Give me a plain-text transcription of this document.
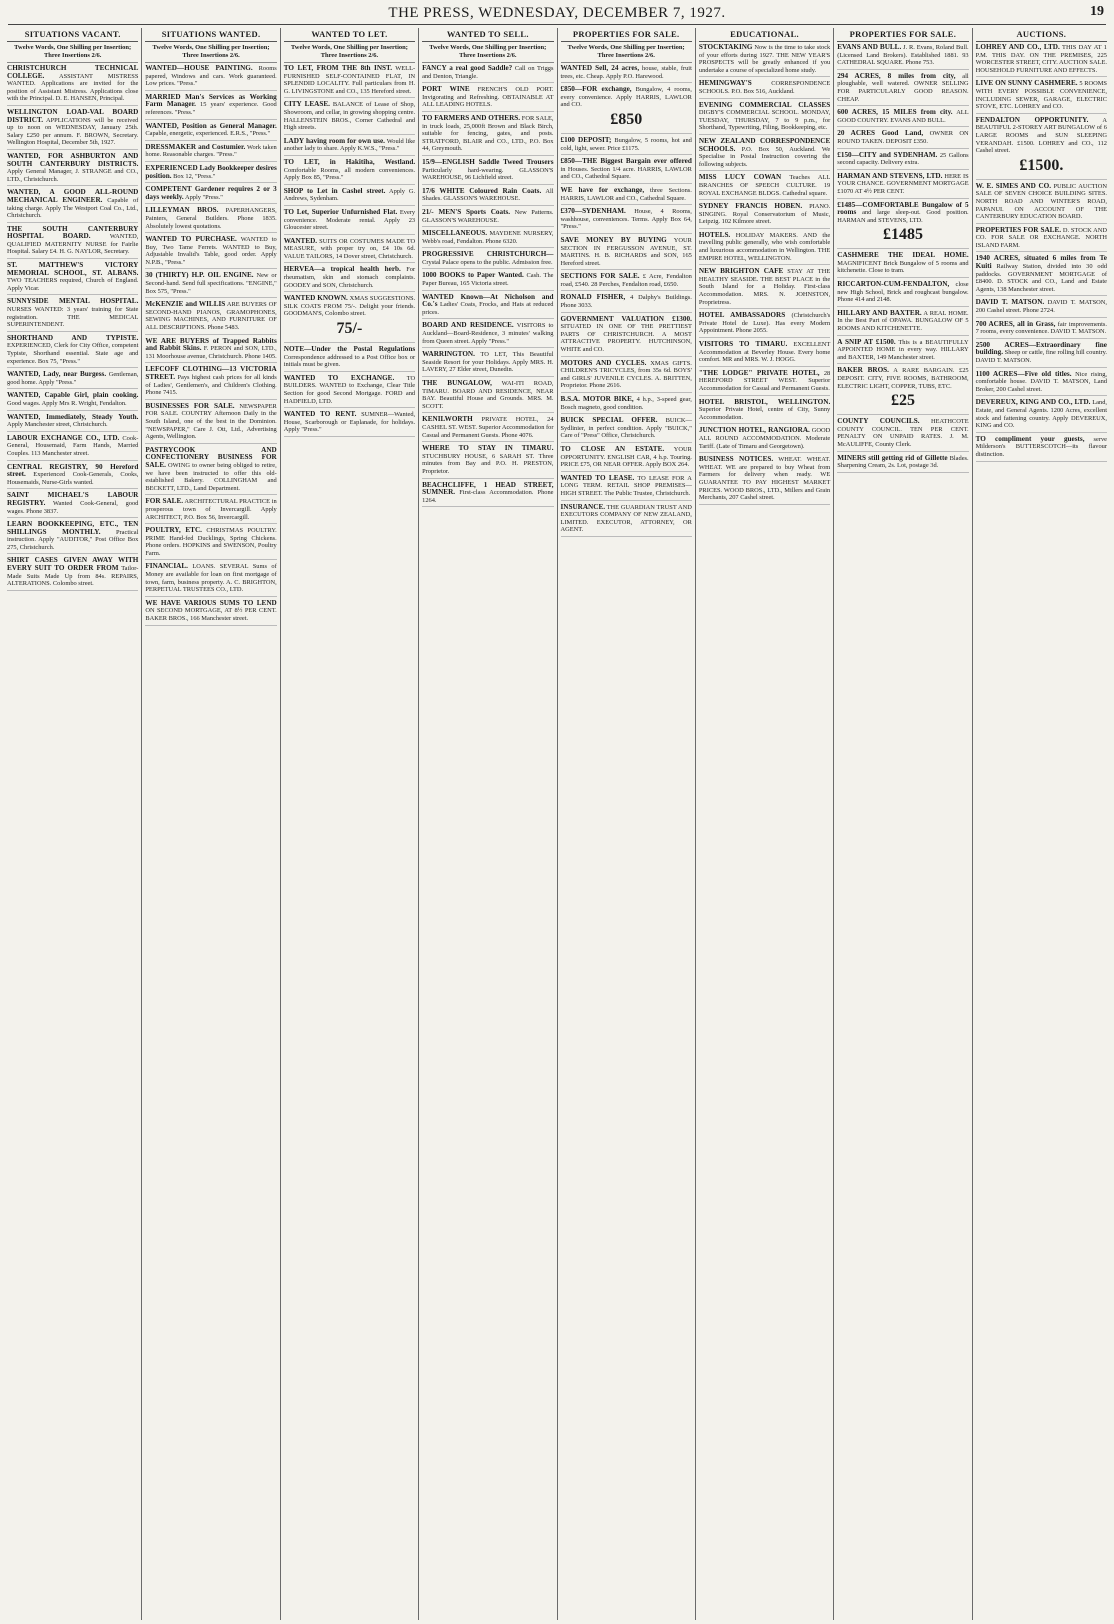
THE PRESS, WEDNESDAY, DECEMBER 7, 1927.	19
SITUATIONS VACANT.
Twelve Words, One Shilling per Insertion; Three Insertions 2/6.
CHRISTCHURCH TECHNICAL COLLEGE. ASSISTANT MISTRESS WANTED. Applications are invited for the position of Assistant Mistress. Applications close with the Principal. D. E. HANSEN, Principal.
WELLINGTON LOAD-VAL BOARD DISTRICT. APPLICATIONS will be received up to noon on WEDNESDAY, January 25th. Salary £250 per annum. F. BROWN, Secretary. Wellington Hospital, December 5th, 1927.
WANTED, FOR ASHBURTON AND SOUTH CANTERBURY DISTRICTS. Apply General Manager, J. STRANGE and CO., LTD., Christchurch.
WANTED, A GOOD ALL-ROUND MECHANICAL ENGINEER. Capable of taking charge. Apply The Westport Coal Co., Ltd., Christchurch.
THE SOUTH CANTERBURY HOSPITAL BOARD.	WANTED, QUALIFIED MATERNITY NURSE for Fairlie Hospital. Salary £4. H. G. NAYLOR, Secretary.
ST. MATTHEW'S VICTORY MEMORIAL SCHOOL, ST. ALBANS. TWO TEACHERS required, Church of England. Apply Vicar.
SUNNYSIDE MENTAL HOSPITAL. NURSES WANTED: 3 years' training for State registration. THE MEDICAL SUPERINTENDENT.
SHORTHAND AND TYPISTE. EXPERIENCED, Clerk for City Office, competent Typiste, Shorthand essential. State age and experience. Box 75, "Press."
WANTED, Lady, near Burgess. Gentleman, good home. Apply "Press."
WANTED, Capable Girl, plain cooking. Good wages. Apply Mrs R. Wright, Fendalton.
WANTED, Immediately, Steady Youth. Apply Manchester street, Christchurch.
LABOUR EXCHANGE CO., LTD. Cook-General, Housemaid, Farm Hands, Married Couples. 113 Manchester street.
CENTRAL REGISTRY, 90 Hereford street. Experienced Cook-Generals, Cooks, Housemaids, Nurse-Girls wanted.
SAINT MICHAEL'S LABOUR REGISTRY. Wanted Cook-General, good wages. Phone 3837.
LEARN BOOKKEEPING, ETC., TEN SHILLINGS MONTHLY. Practical instruction. Apply "AUDITOR," Post Office Box 275, Christchurch.
SHIRT CASES GIVEN AWAY WITH EVERY SUIT TO ORDER FROM Tailor-Made Suits Made Up from 84s. REPAIRS, ALTERATIONS. Colombo street.
SITUATIONS WANTED.
Twelve Words, One Shilling per Insertion; Three Insertions 2/6.
WANTED—HOUSE PAINTING. Rooms papered, Windows and cars. Work guaranteed. Low prices. "Press."
MARRIED Man's Services as Working Farm Manager. 15 years' experience. Good references. "Press."
WANTED, Position as General Manager. Capable, energetic, experienced. E.R.S., "Press."
DRESSMAKER and Costumier. Work taken home. Reasonable charges. "Press."
EXPERIENCED Lady Bookkeeper desires position. Box 12, "Press."
COMPETENT Gardener requires 2 or 3 days weekly. Apply "Press."
LILLEYMAN BROS. PAPERHANGERS, Painters, General Builders. Phone 1835. Absolutely lowest quotations.
WANTED TO PURCHASE. WANTED to Buy, Two Tame Ferrets. WANTED to Buy, Adjustable Invalid's Table, good order. Apply N.P.B., "Press."
30 (THIRTY) H.P. OIL ENGINE. New or Second-hand. Send full specifications. "ENGINE," Box 575, "Press."
McKENZIE and WILLIS ARE BUYERS OF SECOND-HAND PIANOS, GRAMOPHONES, SEWING MACHINES, AND FURNITURE OF ALL DESCRIPTIONS. Phone 5483.
WE ARE BUYERS of Trapped Rabbits and Rabbit Skins. F. PERON and SON, LTD., 131 Moorhouse avenue, Christchurch. Phone 1405.
LEFCOFF CLOTHING—13 VICTORIA STREET. Pays highest cash prices for all kinds of Ladies', Gentlemen's, and Children's Clothing. Phone 7415.
BUSINESSES FOR SALE. NEWSPAPER FOR SALE. COUNTRY Afternoon Daily in the South Island, one of the best in the Dominion. "NEWSPAPER," Care J. Ott, Ltd., Advertising Agents, Wellington.
PASTRYCOOK AND CONFECTIONERY BUSINESS FOR SALE. OWING to owner being obliged to retire, we have been instructed to offer this old-established Bakery. COLLINGHAM and BECKETT, LTD., Land Department.
FOR SALE. ARCHITECTURAL PRACTICE in prosperous town of Invercargill. Apply ARCHITECT, P.O. Box 56, Invercargill.
POULTRY, ETC. CHRISTMAS POULTRY. PRIME Hand-fed Ducklings, Spring Chickens. Phone orders. HOPKINS and SWENSON, Poultry Farm.
FINANCIAL. LOANS. SEVERAL Sums of Money are available for loan on first mortgage of town, farm, business property. A. C. BRIGHTON, PERPETUAL TRUSTEES CO., LTD.
WE HAVE VARIOUS SUMS TO LEND ON SECOND MORTGAGE, AT 8½ PER CENT. BAKER BROS., 166 Manchester street.
WANTED TO LET.
Twelve Words, One Shilling per Insertion; Three Insertions 2/6.
TO LET, FROM THE 8th INST. WELL-FURNISHED SELF-CONTAINED FLAT, IN SPLENDID LOCALITY. Full particulars from H. G. LIVINGSTONE and CO., 135 Hereford street.
CITY LEASE. BALANCE of Lease of Shop, Showroom, and cellar, in growing shopping centre. HALLENSTEIN BROS., Corner Cathedral and High streets.
LADY having room for own use. Would like another lady to share. Apply K.W.S., "Press."
TO LET, in Hakitiha, Westland. Comfortable Rooms, all modern conveniences. Apply Box 85, "Press."
SHOP to Let in Cashel street. Apply G. Andrews, Sydenham.
TO Let, Superior Unfurnished Flat. Every convenience. Moderate rental. Apply 23 Gloucester street.
WANTED. SUITS OR COSTUMES MADE TO MEASURE, with proper try on, £4 10s 6d. VALUE TAILORS, 14 Dover street, Christchurch.
HERVEA—a tropical health herb. For rheumatism, skin and stomach complaints. GOODEY and SON, Christchurch.
WANTED KNOWN. XMAS SUGGESTIONS. SILK COATS FROM 75/-. Delight your friends. GOODMAN'S, Colombo street.
75/-
NOTE—Under the Postal Regulations Correspondence addressed to a Post Office box or initials must be given.
WANTED TO EXCHANGE. TO BUILDERS. WANTED to Exchange, Clear Title Section for good Second Mortgage. FORD and HADFIELD, LTD.
WANTED TO RENT. SUMNER—Wanted, House, Scarborough or Esplanade, for holidays. Apply "Press."
WANTED TO SELL.
Twelve Words, One Shilling per Insertion; Three Insertions 2/6.
FANCY a real good Saddle? Call on Triggs and Denton, Triangle.
PORT WINE FRENCH'S OLD PORT. Invigorating and Refreshing. OBTAINABLE AT ALL LEADING HOTELS.
TO FARMERS AND OTHERS. FOR SALE, in truck loads, 25,000ft Brown and Black Birch, suitable for fencing, gates, and posts. STRATFORD, BLAIR and CO., LTD., P.O. Box 44, Greymouth.
15/9—ENGLISH Saddle Tweed Trousers Particularly hard-wearing. GLASSON'S WAREHOUSE, 96 Lichfield street.
17/6 WHITE Coloured Rain Coats. All Shades. GLASSON'S WAREHOUSE.
21/- MEN'S Sports Coats. New Patterns. GLASSON'S WAREHOUSE.
MISCELLANEOUS. MAYDENE NURSERY, Webb's road, Fendalton. Phone 6320.
PROGRESSIVE CHRISTCHURCH— Crystal Palace opens to the public. Admission free.
1000 BOOKS to Paper Wanted. Cash. The Paper Bureau, 165 Victoria street.
WANTED Known—At Nicholson and Co.'s Ladies' Coats, Frocks, and Hats at reduced prices.
BOARD AND RESIDENCE. VISITORS to Auckland—Board-Residence, 3 minutes' walking from Queen street. Apply "Press."
WARRINGTON. TO LET, This Beautiful Seaside Resort for your Holidays. Apply MRS. H. LAVERY, 27 Elder street, Dunedin.
THE BUNGALOW, WAI-ITI ROAD, TIMARU. BOARD AND RESIDENCE, NEAR BAY. Beautiful House and Grounds. MRS. M. SCOTT.
KENILWORTH PRIVATE HOTEL, 24 CASHEL ST. WEST. Superior Accommodation for Casual and Permanent Guests. Phone 4076.
WHERE TO STAY IN TIMARU. STUCHBURY HOUSE, 6 SARAH ST. Three minutes from Bay and P.O. H. PRESTON, Proprietor.
BEACHCLIFFE, 1 HEAD STREET, SUMNER. First-class Accommodation. Phone 1264.
PROPERTIES FOR SALE.
Twelve Words, One Shilling per Insertion; Three Insertions 2/6.
WANTED Sell, 24 acres, house, stable, fruit trees, etc. Cheap. Apply P.O. Harewood.
£850—FOR exchange, Bungalow, 4 rooms, every convenience. Apply HARRIS, LAWLOR and CO.
£850
£100 DEPOSIT; Bungalow, 5 rooms, hot and cold, light, sewer. Price £1175.
£850—THE Biggest Bargain ever offered in Houses. Section 1/4 acre. HARRIS, LAWLOR and CO., Cathedral Square.
WE have for exchange, three Sections. HARRIS, LAWLOR and CO., Cathedral Square.
£370—SYDENHAM. House, 4 Rooms, washhouse, conveniences. Terms. Apply Box 64, "Press."
SAVE MONEY BY BUYING YOUR SECTION IN FERGUSSON AVENUE, ST. MARTINS. H. B. RICHARDS and SON, 165 Hereford street.
SECTIONS FOR SALE. £ Acre, Fendalton road, £540. 28 Perches, Fendalton road, £650.
RONALD FISHER, 4 Dalphy's Buildings. Phone 3033.
GOVERNMENT VALUATION £1300. SITUATED IN ONE OF THE PRETTIEST PARTS OF CHRISTCHURCH. A MOST ATTRACTIVE PROPERTY. HUTCHINSON, WHITE and CO.
MOTORS AND CYCLES. XMAS GIFTS. CHILDREN'S TRICYCLES, from 35s 6d. BOYS' and GIRLS' JUVENILE CYCLES. A. BRITTEN, Proprietor. Phone 2616.
B.S.A. MOTOR BIKE, 4 h.p., 3-speed gear, Bosch magneto, good condition.
BUICK SPECIAL OFFER. BUICK—Sydlinier, in perfect condition. Apply "BUICK," Care of "Press" Office, Christchurch.
TO CLOSE AN ESTATE. YOUR OPPORTUNITY. ENGLISH CAR, 4 h.p. Touring. PRICE £75, OR NEAR OFFER. Apply BOX 264.
WANTED TO LEASE. TO LEASE FOR A LONG TERM. RETAIL SHOP PREMISES—HIGH STREET. The Public Trustee, Christchurch.
INSURANCE. THE GUARDIAN TRUST AND EXECUTORS COMPANY OF NEW ZEALAND, LIMITED. EXECUTOR, ATTORNEY, OR AGENT.
EDUCATIONAL.
STOCKTAKING Now is the time to take stock of your efforts during 1927. THE NEW YEAR'S PROSPECTS will be greatly enhanced if you undertake a course of specialized home study.
HEMINGWAY'S	CORRESPONDENCE SCHOOLS. P.O. Box 516, Auckland.
EVENING COMMERCIAL CLASSES DIGBY'S COMMERCIAL SCHOOL. MONDAY, TUESDAY, THURSDAY, 7 to 9 p.m., for Shorthand, Typewriting, Filing, Bookkeeping, etc.
NEW ZEALAND CORRESPONDENCE SCHOOLS. P.O. Box 50, Auckland. We Specialise in Postal Instruction covering the following subjects.
MISS LUCY COWAN Teaches ALL BRANCHES OF SPEECH CULTURE. 19 ROYAL EXCHANGE BLDGS. Cathedral square.
SYDNEY FRANCIS HOBEN. PIANO. SINGING. Royal Conservatorium of Music, Leipzig. 102 Kilmore street.
HOTELS. HOLIDAY MAKERS. AND the travelling public generally, who wish comfortable and luxurious accommodation in Wellington. THE EMPIRE HOTEL, WELLINGTON.
NEW BRIGHTON CAFE STAY AT THE HEALTHY SEASIDE. THE BEST PLACE in the South Island for a Holiday. First-class Accommodation. MRS. N. JOHNSTON, Proprietress.
HOTEL AMBASSADORS (Christchurch's Private Hotel de Luxe). Has every Modern Appointment. Phone 2055.
VISITORS TO TIMARU. EXCELLENT Accommodation at Beverley House. Every home comfort. MR and MRS. W. J. HOGG.
"THE LODGE" PRIVATE HOTEL, 28 HEREFORD STREET WEST. Superior Accommodation for Casual and Permanent Guests.
HOTEL BRISTOL, WELLINGTON. Superior Private Hotel, centre of City, Sunny Accommodation.
JUNCTION HOTEL, RANGIORA. GOOD ALL ROUND ACCOMMODATION. Moderate Tariff. (Late of Timaru and Georgetown).
BUSINESS NOTICES. WHEAT. WHEAT. WHEAT. WE are prepared to buy Wheat from Farmers for delivery when ready. WE GUARANTEE TO PAY HIGHEST MARKET PRICES. WOOD BROS., LTD., Millers and Grain Merchants, 207 Cashel street.
PROPERTIES FOR SALE.
EVANS AND BULL. J. R. Evans, Roland Bull. (Licensed Land Brokers). Established 1881. 93 CATHEDRAL SQUARE. Phone 753.
294 ACRES, 8 miles from city, all ploughable, well watered. OWNER SELLING FOR PARTICULARLY GOOD REASON. CHEAP.
600 ACRES, 15 MILES from city. ALL GOOD COUNTRY. EVANS AND BULL.
20 ACRES Good Land, OWNER ON ROUND TAKEN. DEPOSIT £350.
£150—CITY and SYDENHAM. 25 Gallons second capacity. Delivery extra.
HARMAN AND STEVENS, LTD. HERE IS YOUR CHANCE. GOVERNMENT MORTGAGE £1070 AT 4½ PER CENT.
£1485—COMFORTABLE Bungalow of 5 rooms and large sleep-out. Good position. HARMAN and STEVENS, LTD.
£1485
CASHMERE THE IDEAL HOME. MAGNIFICENT Brick Bungalow of 5 rooms and kitchenette. Close to tram.
RICCARTON-CUM-FENDALTON, close new High School, Brick and roughcast bungalow. Phone 414 and 2148.
HILLARY AND BAXTER. A REAL HOME. In the Best Part of OPAWA. BUNGALOW OF 5 ROOMS AND KITCHENETTE.
A SNIP AT £1500. This is a BEAUTIFULLY APPOINTED HOME in every way. HILLARY and BAXTER, 149 Manchester street.
BAKER BROS. A RARE BARGAIN. £25 DEPOSIT. CITY, FIVE ROOMS, BATHROOM, ELECTRIC LIGHT, COPPER, TUBS, ETC.
£25
COUNTY COUNCILS. HEATHCOTE COUNTY COUNCIL. TEN PER CENT. PENALTY ON UNPAID RATES. J. M. McAULIFFE, County Clerk.
MINERS still getting rid of Gillette Blades. Sharpening Cream, 2s. Lot, postage 3d.
AUCTIONS.
LOHREY AND CO., LTD. THIS DAY AT 1 P.M. THIS DAY. ON THE PREMISES, 225 WORCESTER STREET, CITY. AUCTION SALE. HOUSEHOLD FURNITURE AND EFFECTS.
LIVE ON SUNNY CASHMERE. 5 ROOMS WITH EVERY POSSIBLE CONVENIENCE, INCLUDING SEWER, GARAGE, ELECTRIC STOVE, ETC. LOHREY and CO.
FENDALTON OPPORTUNITY. A BEAUTIFUL 2-STOREY ART BUNGALOW of 6 LARGE ROOMS and SUN SLEEPING VERANDAH. £1500. LOHREY and CO., 112 Cashel street.
£1500.
W. E. SIMES AND CO. PUBLIC AUCTION SALE OF SEVEN CHOICE BUILDING SITES. NORTH ROAD AND WINTER'S ROAD, PAPANUI. ON ACCOUNT OF THE CANTERBURY EDUCATION BOARD.
PROPERTIES FOR SALE. D. STOCK AND CO. FOR SALE OR EXCHANGE. NORTH ISLAND FARM.
1940 ACRES, situated 6 miles from Te Kuiti Railway Station, divided into 30 odd paddocks. GOVERNMENT MORTGAGE of £8400. D. STOCK and CO., Land and Estate Agents, 138 Manchester street.
DAVID T. MATSON. DAVID T. MATSON, 200 Cashel street. Phone 2724.
700 ACRES, all in Grass, fair improvements. 7 rooms, every convenience. DAVID T. MATSON.
2500 ACRES—Extraordinary fine building. Sheep or cattle, fine rolling hill country. DAVID T. MATSON.
1100 ACRES—Five old titles. Nice rising, comfortable house. DAVID T. MATSON, Land Broker, 200 Cashel street.
DEVEREUX, KING AND CO., LTD. Land, Estate, and General Agents. 1200 Acres, excellent stock and fattening country. Apply DEVEREUX, KING and CO.
TO compliment your guests, serve Milderson's BUTTERSCOTCH—its flavour distinction.
